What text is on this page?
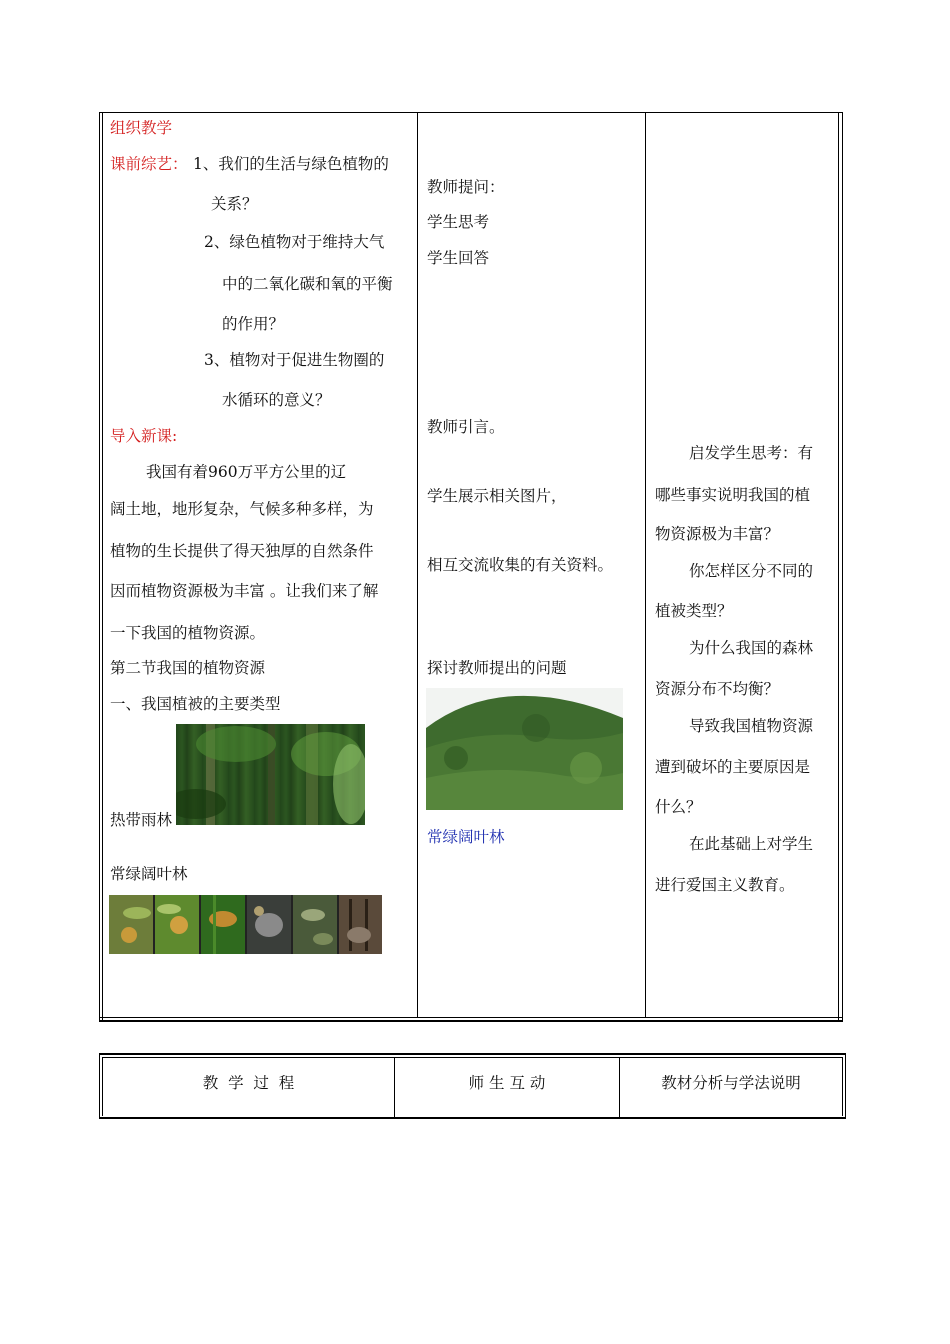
组织教学
课前综艺： 1、我们的生活与绿色植物的
关系？
2、绿色植物对于维持大气
中的二氧化碳和氧的平衡
的作用？
3、植物对于促进生物圈的
水循环的意义？
导入新课:
我国有着960万平方公里的辽
阔土地，地形复杂，气候多种多样，为
植物的生长提供了得天独厚的自然条件
因而植物资源极为丰富 。让我们来了解
一下我国的植物资源。
第二节我国的植物资源
一、我国植被的主要类型
热带雨林
常绿阔叶林
教师提问：
学生思考
学生回答
教师引言。
学生展示相关图片，
相互交流收集的有关资料。
探讨教师提出的问题
常绿阔叶林
启发学生思考：有
哪些事实说明我国的植
物资源极为丰富？
你怎样区分不同的
植被类型？
为什么我国的森林
资源分布不均衡？
导致我国植物资源
遭到破坏的主要原因是
什么？
在此基础上对学生
进行爱国主义教育。
教  学  过  程	师 生 互 动	教材分析与学法说明
